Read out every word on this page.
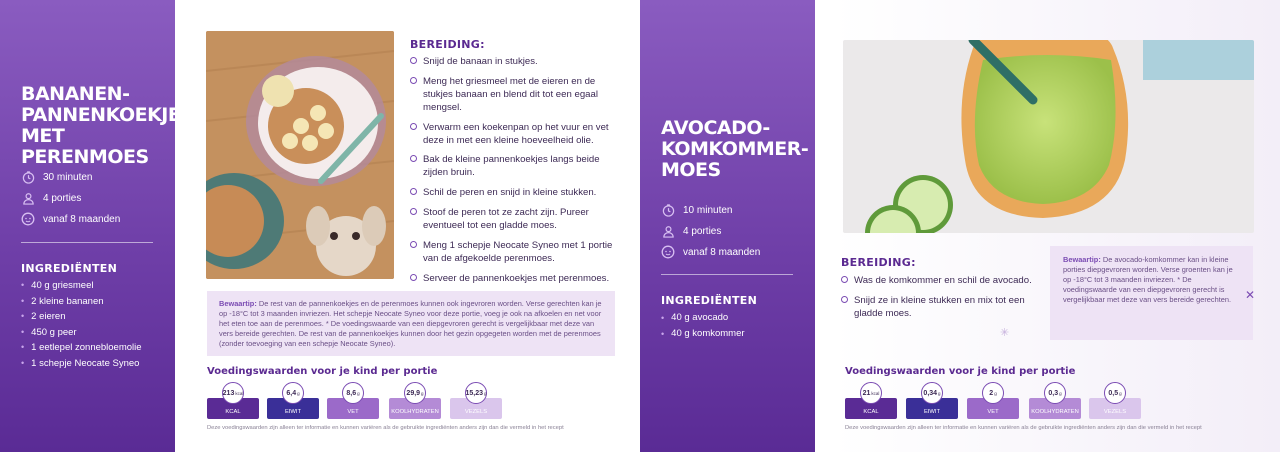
BANANEN-PANNENKOEKJES MET PERENMOES
30 minuten
4 porties
vanaf 8 maanden
INGREDIËNTEN
• 40 g griesmeel
• 2 kleine bananen
• 2 eieren
• 450 g peer
• 1 eetlepel zonnebloemolie
• 1 schepje Neocate Syneo
BEREIDING:
Snijd de banaan in stukjes.
Meng het griesmeel met de eieren en de stukjes banaan en blend dit tot een egaal mengsel.
Verwarm een koekenpan op het vuur en vet deze in met een kleine hoeveelheid olie.
Bak de kleine pannenkoekjes langs beide zijden bruin.
Schil de peren en snijd in kleine stukken.
Stoof de peren tot ze zacht zijn. Pureer eventueel tot een gladde moes.
Meng 1 schepje Neocate Syneo met 1 portie van de afgekoelde perenmoes.
Serveer de pannenkoekjes met perenmoes.
Bewaartip: De rest van de pannenkoekjes en de perenmoes kunnen ook ingevroren worden. Verse gerechten kan je op -18°C tot 3 maanden invriezen. Het schepje Neocate Syneo voor deze portie, voeg je ook na afkoelen en net voor het eten toe aan de perenmoes. * De voedingswaarde van een diepgevroren gerecht is vergelijkbaar met deze van vers bereide gerechten. De rest van de pannenkoekjes kunnen door het gezin opgegeten worden met de perenmoes (zonder toevoeging van een schepje Neocate Syneo).
Voedingswaarden voor je kind per portie
KCAL
213 kcal
EIWIT
6,4 g
VET
8,6 g
KOOLHYDRATEN
29,9 g
VEZELS
15,23 g
Deze voedingswaarden zijn alleen ter informatie en kunnen variëren als de gebruikte ingrediënten anders zijn dan die vermeld in het recept
AVOCADO-KOMKOMMER-MOES
10 minuten
4 porties
vanaf 8 maanden
INGREDIËNTEN
• 40 g avocado
• 40 g komkommer
BEREIDING:
Was de komkommer en schil de avocado.
Snijd ze in kleine stukken en mix tot een gladde moes.
Bewaartip: De avocado-komkommer kan in kleine porties diepgevroren worden. Verse groenten kan je op -18°C tot 3 maanden invriezen. * De voedingswaarde van een diepgevroren gerecht is vergelijkbaar met deze van vers bereide gerechten.	✕
✳
Voedingswaarden voor je kind per portie
KCAL
21 kcal
EIWIT
0,34 g
VET
2 g
KOOLHYDRATEN
0,3 g
VEZELS
0,5 g
Deze voedingswaarden zijn alleen ter informatie en kunnen variëren als de gebruikte ingrediënten anders zijn dan die vermeld in het recept
